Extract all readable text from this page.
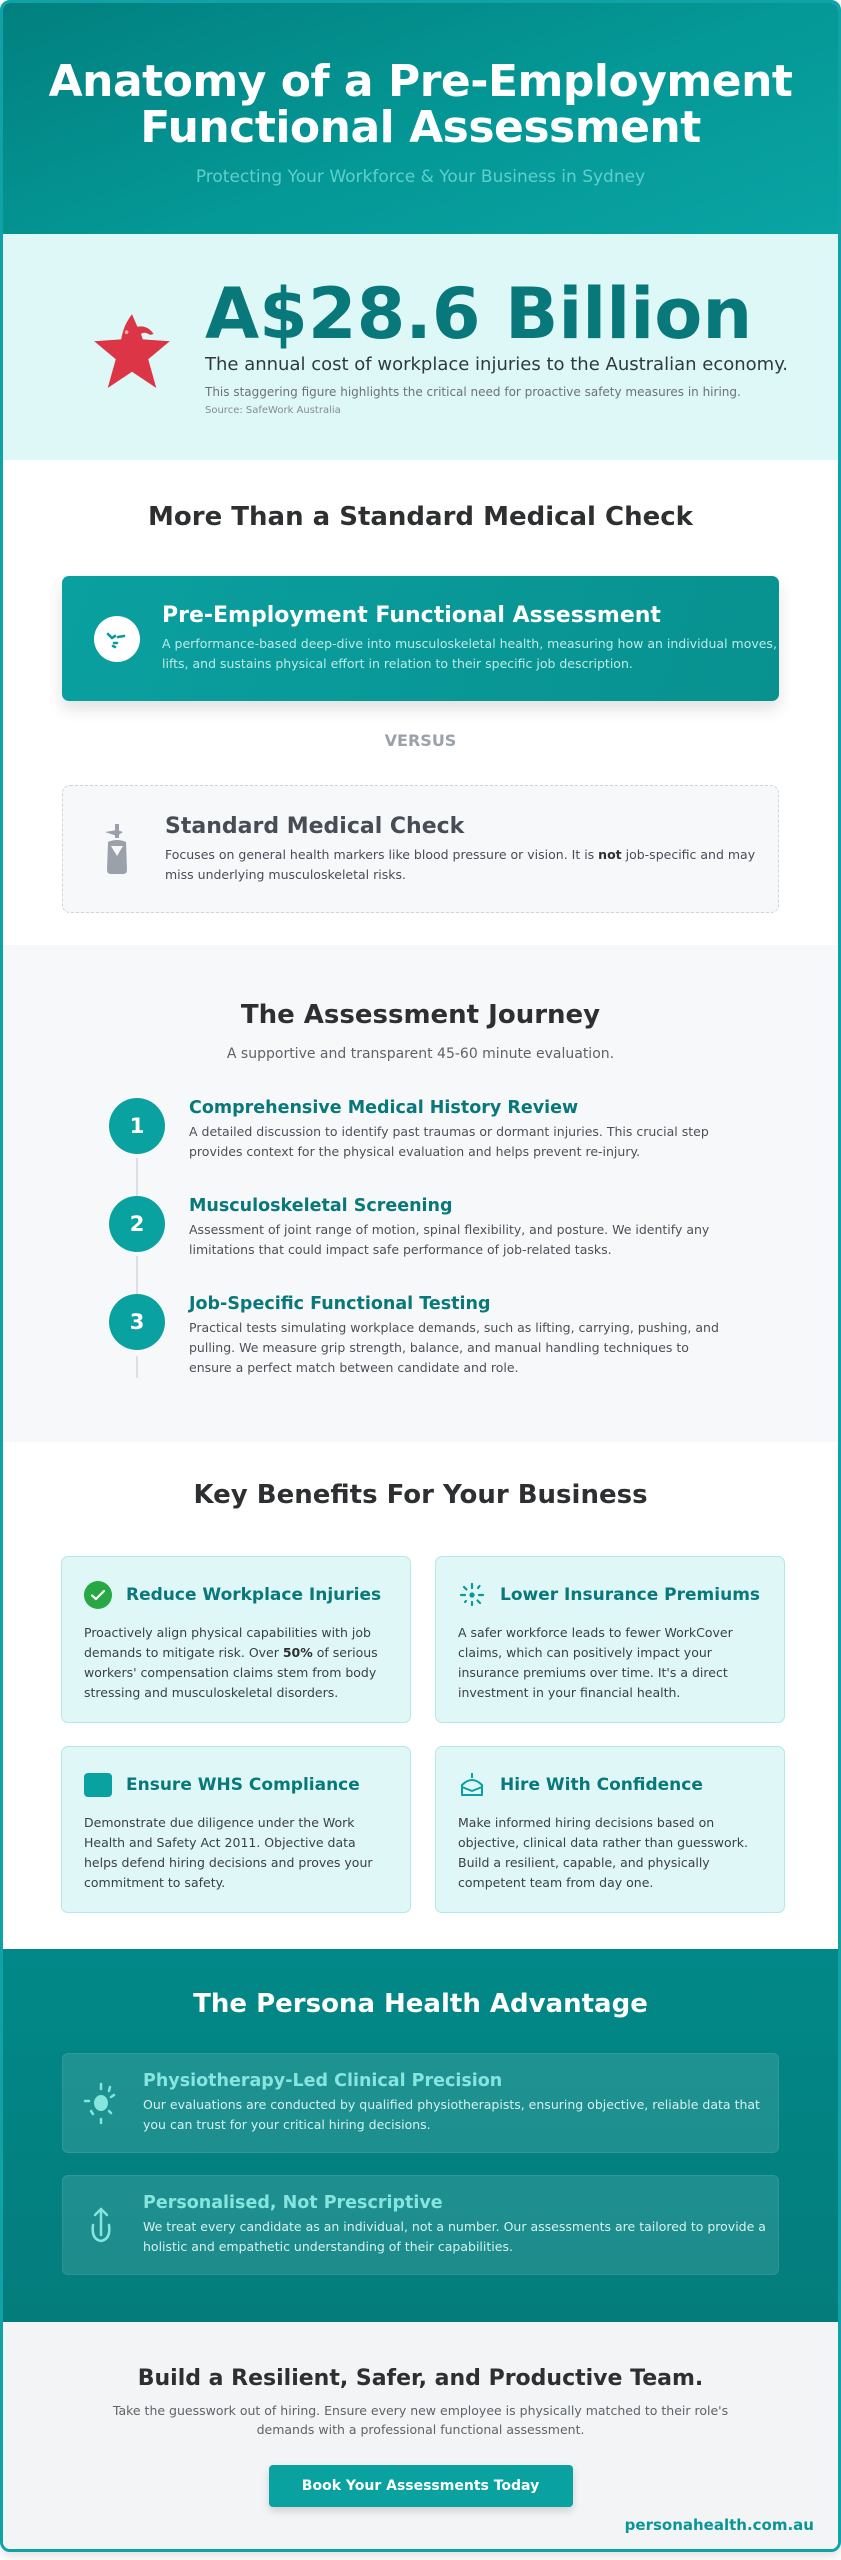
Anatomy of a Pre-Employment
Functional Assessment
Protecting Your Workforce & Your Business in Sydney
A$28.6 Billion
The annual cost of workplace injuries to the Australian economy.
This staggering figure highlights the critical need for proactive safety measures in hiring.
Source: SafeWork Australia
More Than a Standard Medical Check
Pre-Employment Functional Assessment
A performance-based deep-dive into musculoskeletal health, measuring how an individual moves, lifts, and sustains physical effort in relation to their specific job description.
VERSUS
Standard Medical Check
Focuses on general health markers like blood pressure or vision. It is not job-specific and may miss underlying musculoskeletal risks.
The Assessment Journey
A supportive and transparent 45-60 minute evaluation.
1
Comprehensive Medical History Review
A detailed discussion to identify past traumas or dormant injuries. This crucial step provides context for the physical evaluation and helps prevent re-injury.
2
Musculoskeletal Screening
Assessment of joint range of motion, spinal flexibility, and posture. We identify any limitations that could impact safe performance of job-related tasks.
3
Job-Specific Functional Testing
Practical tests simulating workplace demands, such as lifting, carrying, pushing, and pulling. We measure grip strength, balance, and manual handling techniques to ensure a perfect match between candidate and role.
Key Benefits For Your Business
Reduce Workplace Injuries
Proactively align physical capabilities with job demands to mitigate risk. Over 50% of serious workers' compensation claims stem from body stressing and musculoskeletal disorders.
Lower Insurance Premiums
A safer workforce leads to fewer WorkCover claims, which can positively impact your insurance premiums over time. It's a direct investment in your financial health.
Ensure WHS Compliance
Demonstrate due diligence under the Work Health and Safety Act 2011. Objective data helps defend hiring decisions and proves your commitment to safety.
Hire With Confidence
Make informed hiring decisions based on objective, clinical data rather than guesswork. Build a resilient, capable, and physically competent team from day one.
The Persona Health Advantage
Physiotherapy-Led Clinical Precision
Our evaluations are conducted by qualified physiotherapists, ensuring objective, reliable data that you can trust for your critical hiring decisions.
Personalised, Not Prescriptive
We treat every candidate as an individual, not a number. Our assessments are tailored to provide a holistic and empathetic understanding of their capabilities.
Build a Resilient, Safer, and Productive Team.
Take the guesswork out of hiring. Ensure every new employee is physically matched to their role's demands with a professional functional assessment.
Book Your Assessments Today
personahealth.com.au
